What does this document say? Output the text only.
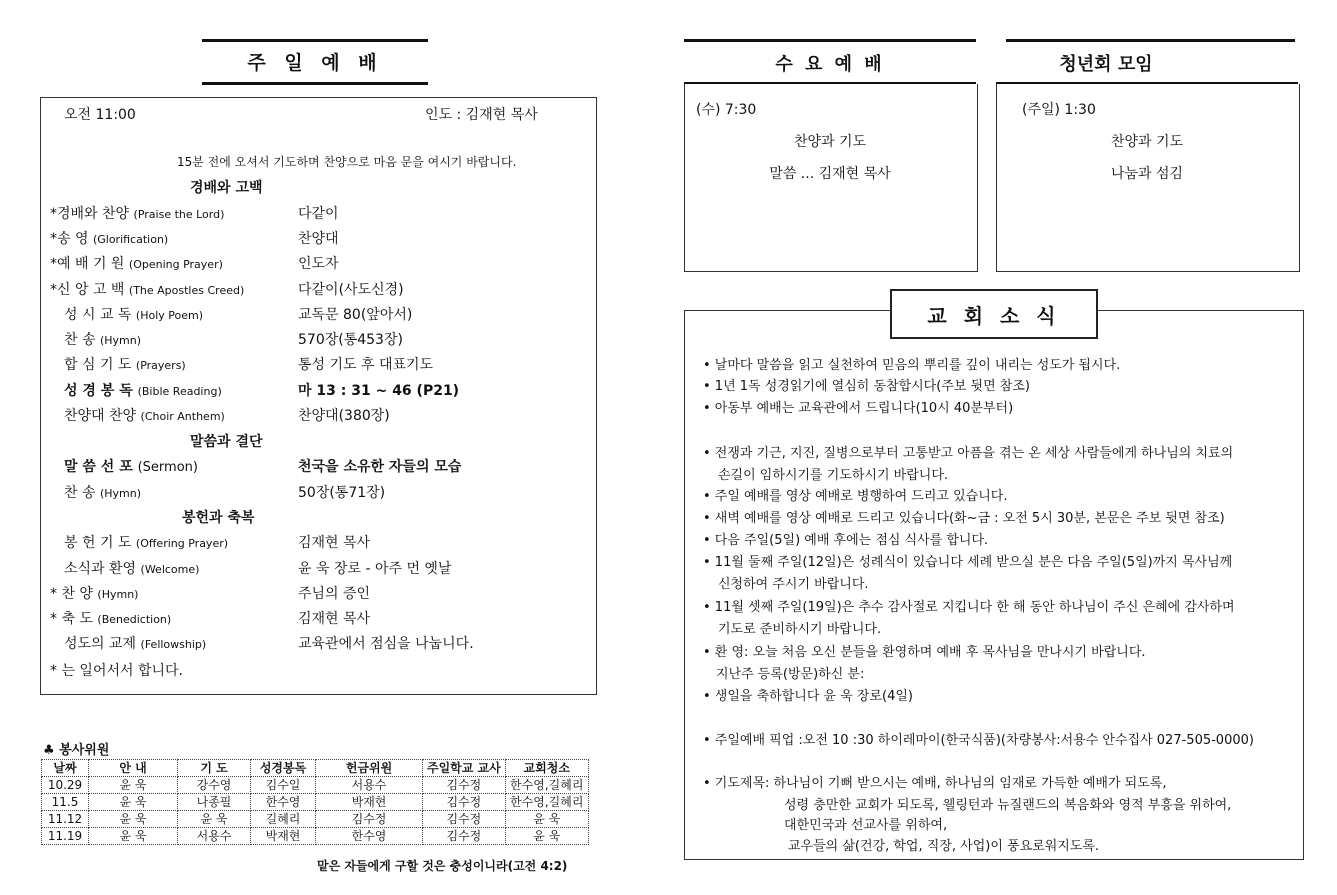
주 일 예 배
오전 11:00	인도 : 김재현 목사
15분 전에 오셔서 기도하며 찬양으로 마음 문을 여시기 바랍니다.
경배와 고백
*경배와 찬양 (Praise the Lord)	다같이
*송 영 (Glorification)	찬양대
*예 배 기 원 (Opening Prayer)	인도자
*신 앙 고 백 (The Apostles Creed)	다같이(사도신경)
성 시 교 독 (Holy Poem)	교독문 80(앞아서)
찬 송 (Hymn)	570장(통453장)
합 심 기 도 (Prayers)	통성 기도 후 대표기도
성 경 봉 독 (Bible Reading)	마 13 : 31 ~ 46 (P21)
찬양대 찬양 (Choir Anthem)	찬양대(380장)
말씀과 결단
말 씀 선 포 (Sermon)	천국을 소유한 자들의 모습
찬 송 (Hymn)	50장(통71장)
봉헌과 축복
봉 헌 기 도 (Offering Prayer)	김재현 목사
소식과 환영 (Welcome)	윤 욱 장로 - 아주 먼 옛날
* 찬 양 (Hymn)	주님의 증인
* 축 도 (Benediction)	김재현 목사
성도의 교제 (Fellowship)	교육관에서 점심을 나눕니다.
* 는 일어서서 합니다.
♣ 봉사위원
날짜	안 내	기 도	성경봉독	헌금위원	주일학교 교사	교회청소
10.29	윤 욱	강수영	김수일	서용수	김수정	한수영,길혜리
11.5	윤 욱	나종필	한수영	박재현	김수정	한수영,길혜리
11.12	윤 욱	윤 욱	길혜리	김수정	김수정	윤 욱
11.19	윤 욱	서용수	박재현	한수영	김수정	윤 욱
맡은 자들에게 구할 것은 충성이니라(고전 4:2)
수 요 예 배
(수) 7:30
찬양과 기도
말씀 ... 김재현 목사
청년회 모임
(주일) 1:30
찬양과 기도
나눔과 섬김
교 회 소 식
• 날마다 말씀을 읽고 실천하여 믿음의 뿌리를 깊이 내리는 성도가 됩시다.
• 1년 1독 성경읽기에 열심히 동참합시다(주보 뒷면 참조)
• 아동부 예배는 교육관에서 드립니다(10시 40분부터)
• 전쟁과 기근, 지진, 질병으로부터 고통받고 아픔을 겪는 온 세상 사람들에게 하나님의 치료의
손길이 임하시기를 기도하시기 바랍니다.
• 주일 예배를 영상 예배로 병행하여 드리고 있습니다.
• 새벽 예배를 영상 예배로 드리고 있습니다(화~금 : 오전 5시 30분, 본문은 주보 뒷면 참조)
• 다음 주일(5일) 예배 후에는 점심 식사를 합니다.
• 11월 둘째 주일(12일)은 성례식이 있습니다 세례 받으실 분은 다음 주일(5일)까지 목사님께
신청하여 주시기 바랍니다.
• 11월 셋째 주일(19일)은 추수 감사절로 지킵니다 한 해 동안 하나님이 주신 은혜에 감사하며
기도로 준비하시기 바랍니다.
• 환 영: 오늘 처음 오신 분들을 환영하며 예배 후 목사님을 만나시기 바랍니다.
지난주 등록(방문)하신 분:
• 생일을 축하합니다 윤 욱 장로(4일)
• 주일예배 픽업 :오전 10 :30 하이레마이(한국식품)(차량봉사:서용수 안수집사 027-505-0000)
• 기도제목: 하나님이 기뻐 받으시는 예배, 하나님의 임재로 가득한 예배가 되도록,
성령 충만한 교회가 되도록, 웰링턴과 뉴질랜드의 복음화와 영적 부흥을 위하여,
대한민국과 선교사를 위하여,
교우들의 삶(건강, 학업, 직장, 사업)이 풍요로워지도록.
